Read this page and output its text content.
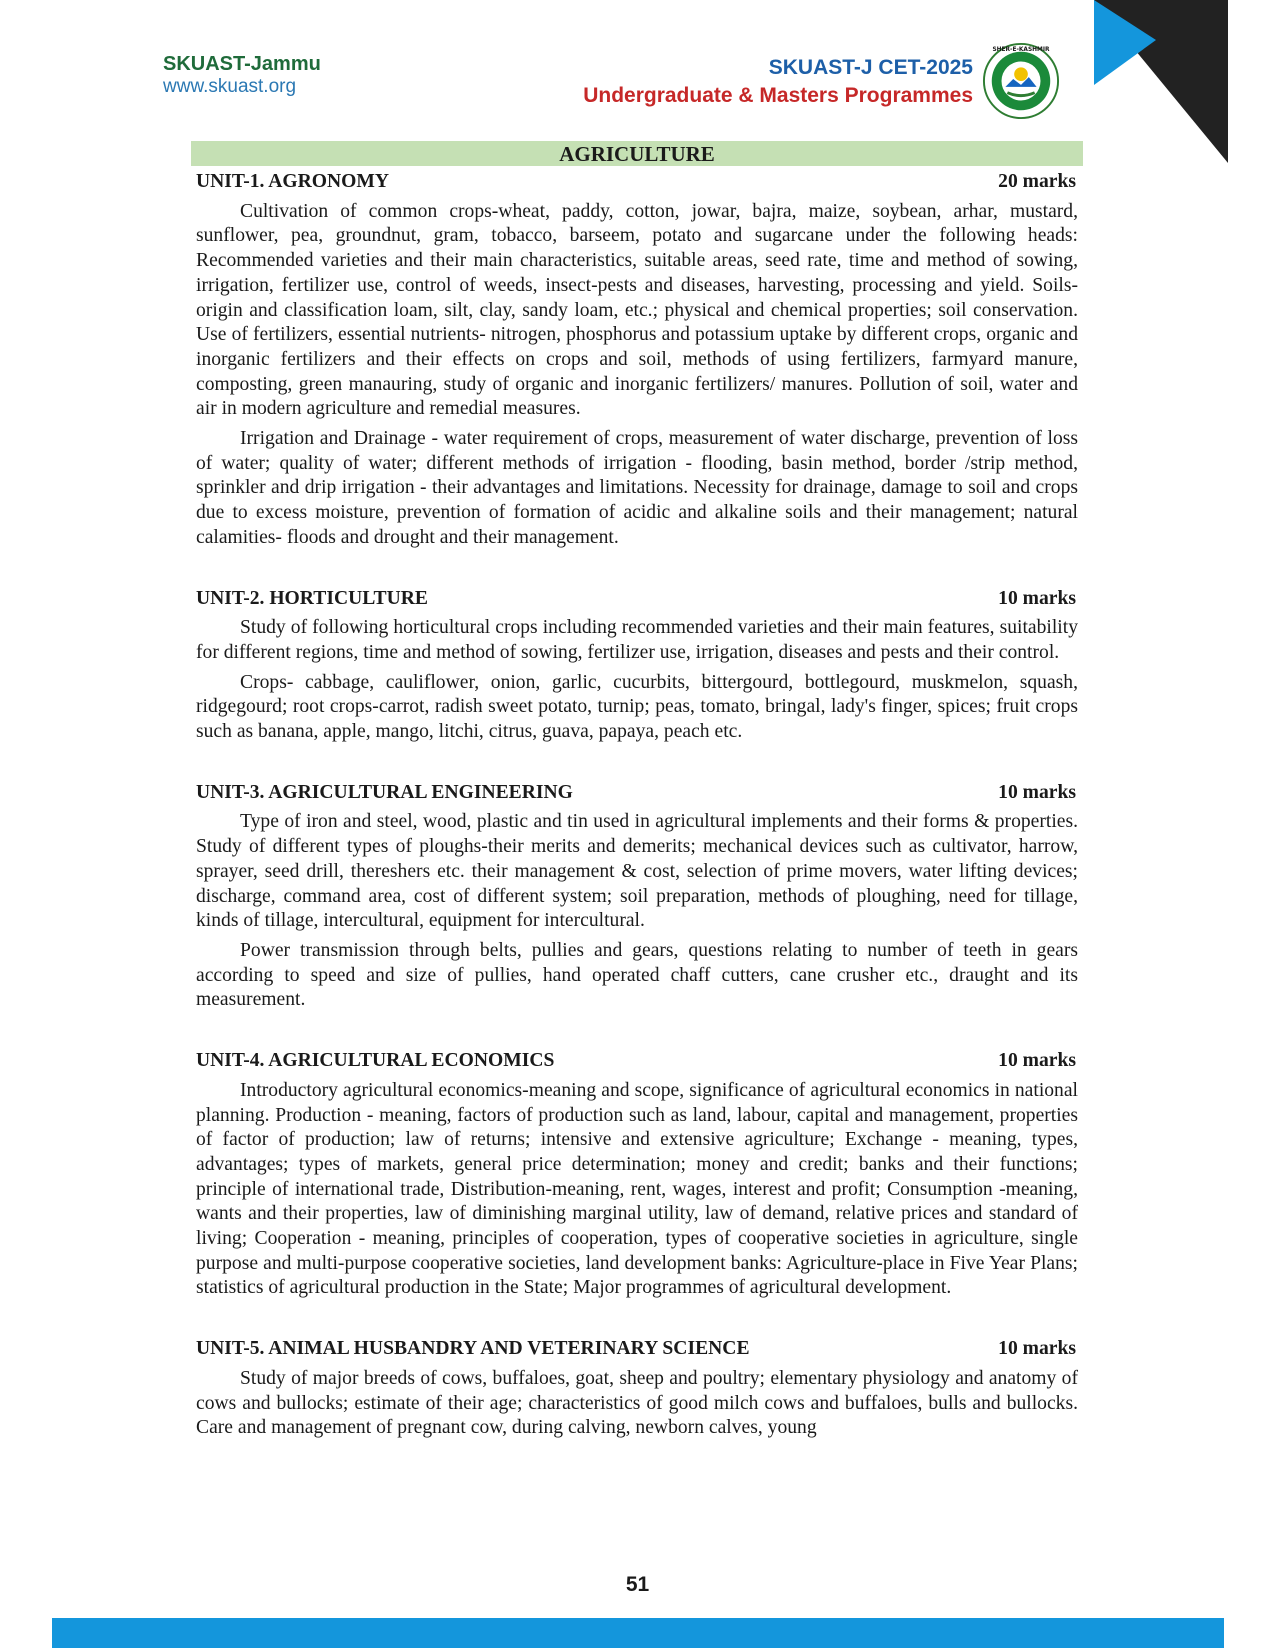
SKUAST-Jammu
www.skuast.org
SKUAST-J CET-2025
Undergraduate & Masters Programmes
SHER-E-KASHMIR
AGRICULTURE
UNIT-1. AGRONOMY	20 marks

Cultivation of common crops-wheat, paddy, cotton, jowar, bajra, maize, soybean, arhar, mustard, sunflower, pea, groundnut, gram, tobacco, barseem, potato and sugarcane under the following heads: Recommended varieties and their main characteristics, suitable areas, seed rate, time and method of sowing, irrigation, fertilizer use, control of weeds, insect-pests and diseases, harvesting, processing and yield. Soils-origin and classification loam, silt, clay, sandy loam, etc.; physical and chemical properties; soil conservation. Use of fertilizers, essential nutrients- nitrogen, phosphorus and potassium uptake by different crops, organic and inorganic fertilizers and their effects on crops and soil, methods of using fertilizers, farmyard manure, composting, green manauring, study of organic and inorganic fertilizers/ manures. Pollution of soil, water and air in modern agriculture and remedial measures.

Irrigation and Drainage - water requirement of crops, measurement of water discharge, prevention of loss of water; quality of water; different methods of irrigation - flooding, basin method, border /strip method, sprinkler and drip irrigation - their advantages and limitations. Necessity for drainage, damage to soil and crops due to excess moisture, prevention of formation of acidic and alkaline soils and their management; natural calamities- floods and drought and their management.

UNIT-2. HORTICULTURE	10 marks

Study of following horticultural crops including recommended varieties and their main features, suitability for different regions, time and method of sowing, fertilizer use, irrigation, diseases and pests and their control.

Crops- cabbage, cauliflower, onion, garlic, cucurbits, bittergourd, bottlegourd, muskmelon, squash, ridgegourd; root crops-carrot, radish sweet potato, turnip; peas, tomato, bringal, lady's finger, spices; fruit crops such as banana, apple, mango, litchi, citrus, guava, papaya, peach etc.

UNIT-3. AGRICULTURAL ENGINEERING	10 marks

Type of iron and steel, wood, plastic and tin used in agricultural implements and their forms & properties. Study of different types of ploughs-their merits and demerits; mechanical devices such as cultivator, harrow, sprayer, seed drill, thereshers etc. their management & cost, selection of prime movers, water lifting devices; discharge, command area, cost of different system; soil preparation, methods of ploughing, need for tillage, kinds of tillage, intercultural, equipment for intercultural.

Power transmission through belts, pullies and gears, questions relating to number of teeth in gears according to speed and size of pullies, hand operated chaff cutters, cane crusher etc., draught and its measurement.

UNIT-4. AGRICULTURAL ECONOMICS	10 marks

Introductory agricultural economics-meaning and scope, significance of agricultural economics in national planning. Production - meaning, factors of production such as land, labour, capital and management, properties of factor of production; law of returns; intensive and extensive agriculture; Exchange - meaning, types, advantages; types of markets, general price determination; money and credit; banks and their functions; principle of international trade, Distribution-meaning, rent, wages, interest and profit; Consumption -meaning, wants and their properties, law of diminishing marginal utility, law of demand, relative prices and standard of living; Cooperation - meaning, principles of cooperation, types of cooperative societies in agriculture, single purpose and multi-purpose cooperative societies, land development banks: Agriculture-place in Five Year Plans; statistics of agricultural production in the State; Major programmes of agricultural development.

UNIT-5. ANIMAL HUSBANDRY AND VETERINARY SCIENCE	10 marks

Study of major breeds of cows, buffaloes, goat, sheep and poultry; elementary physiology and anatomy of cows and bullocks; estimate of their age; characteristics of good milch cows and buffaloes, bulls and bullocks. Care and management of pregnant cow, during calving, newborn calves, young

51
